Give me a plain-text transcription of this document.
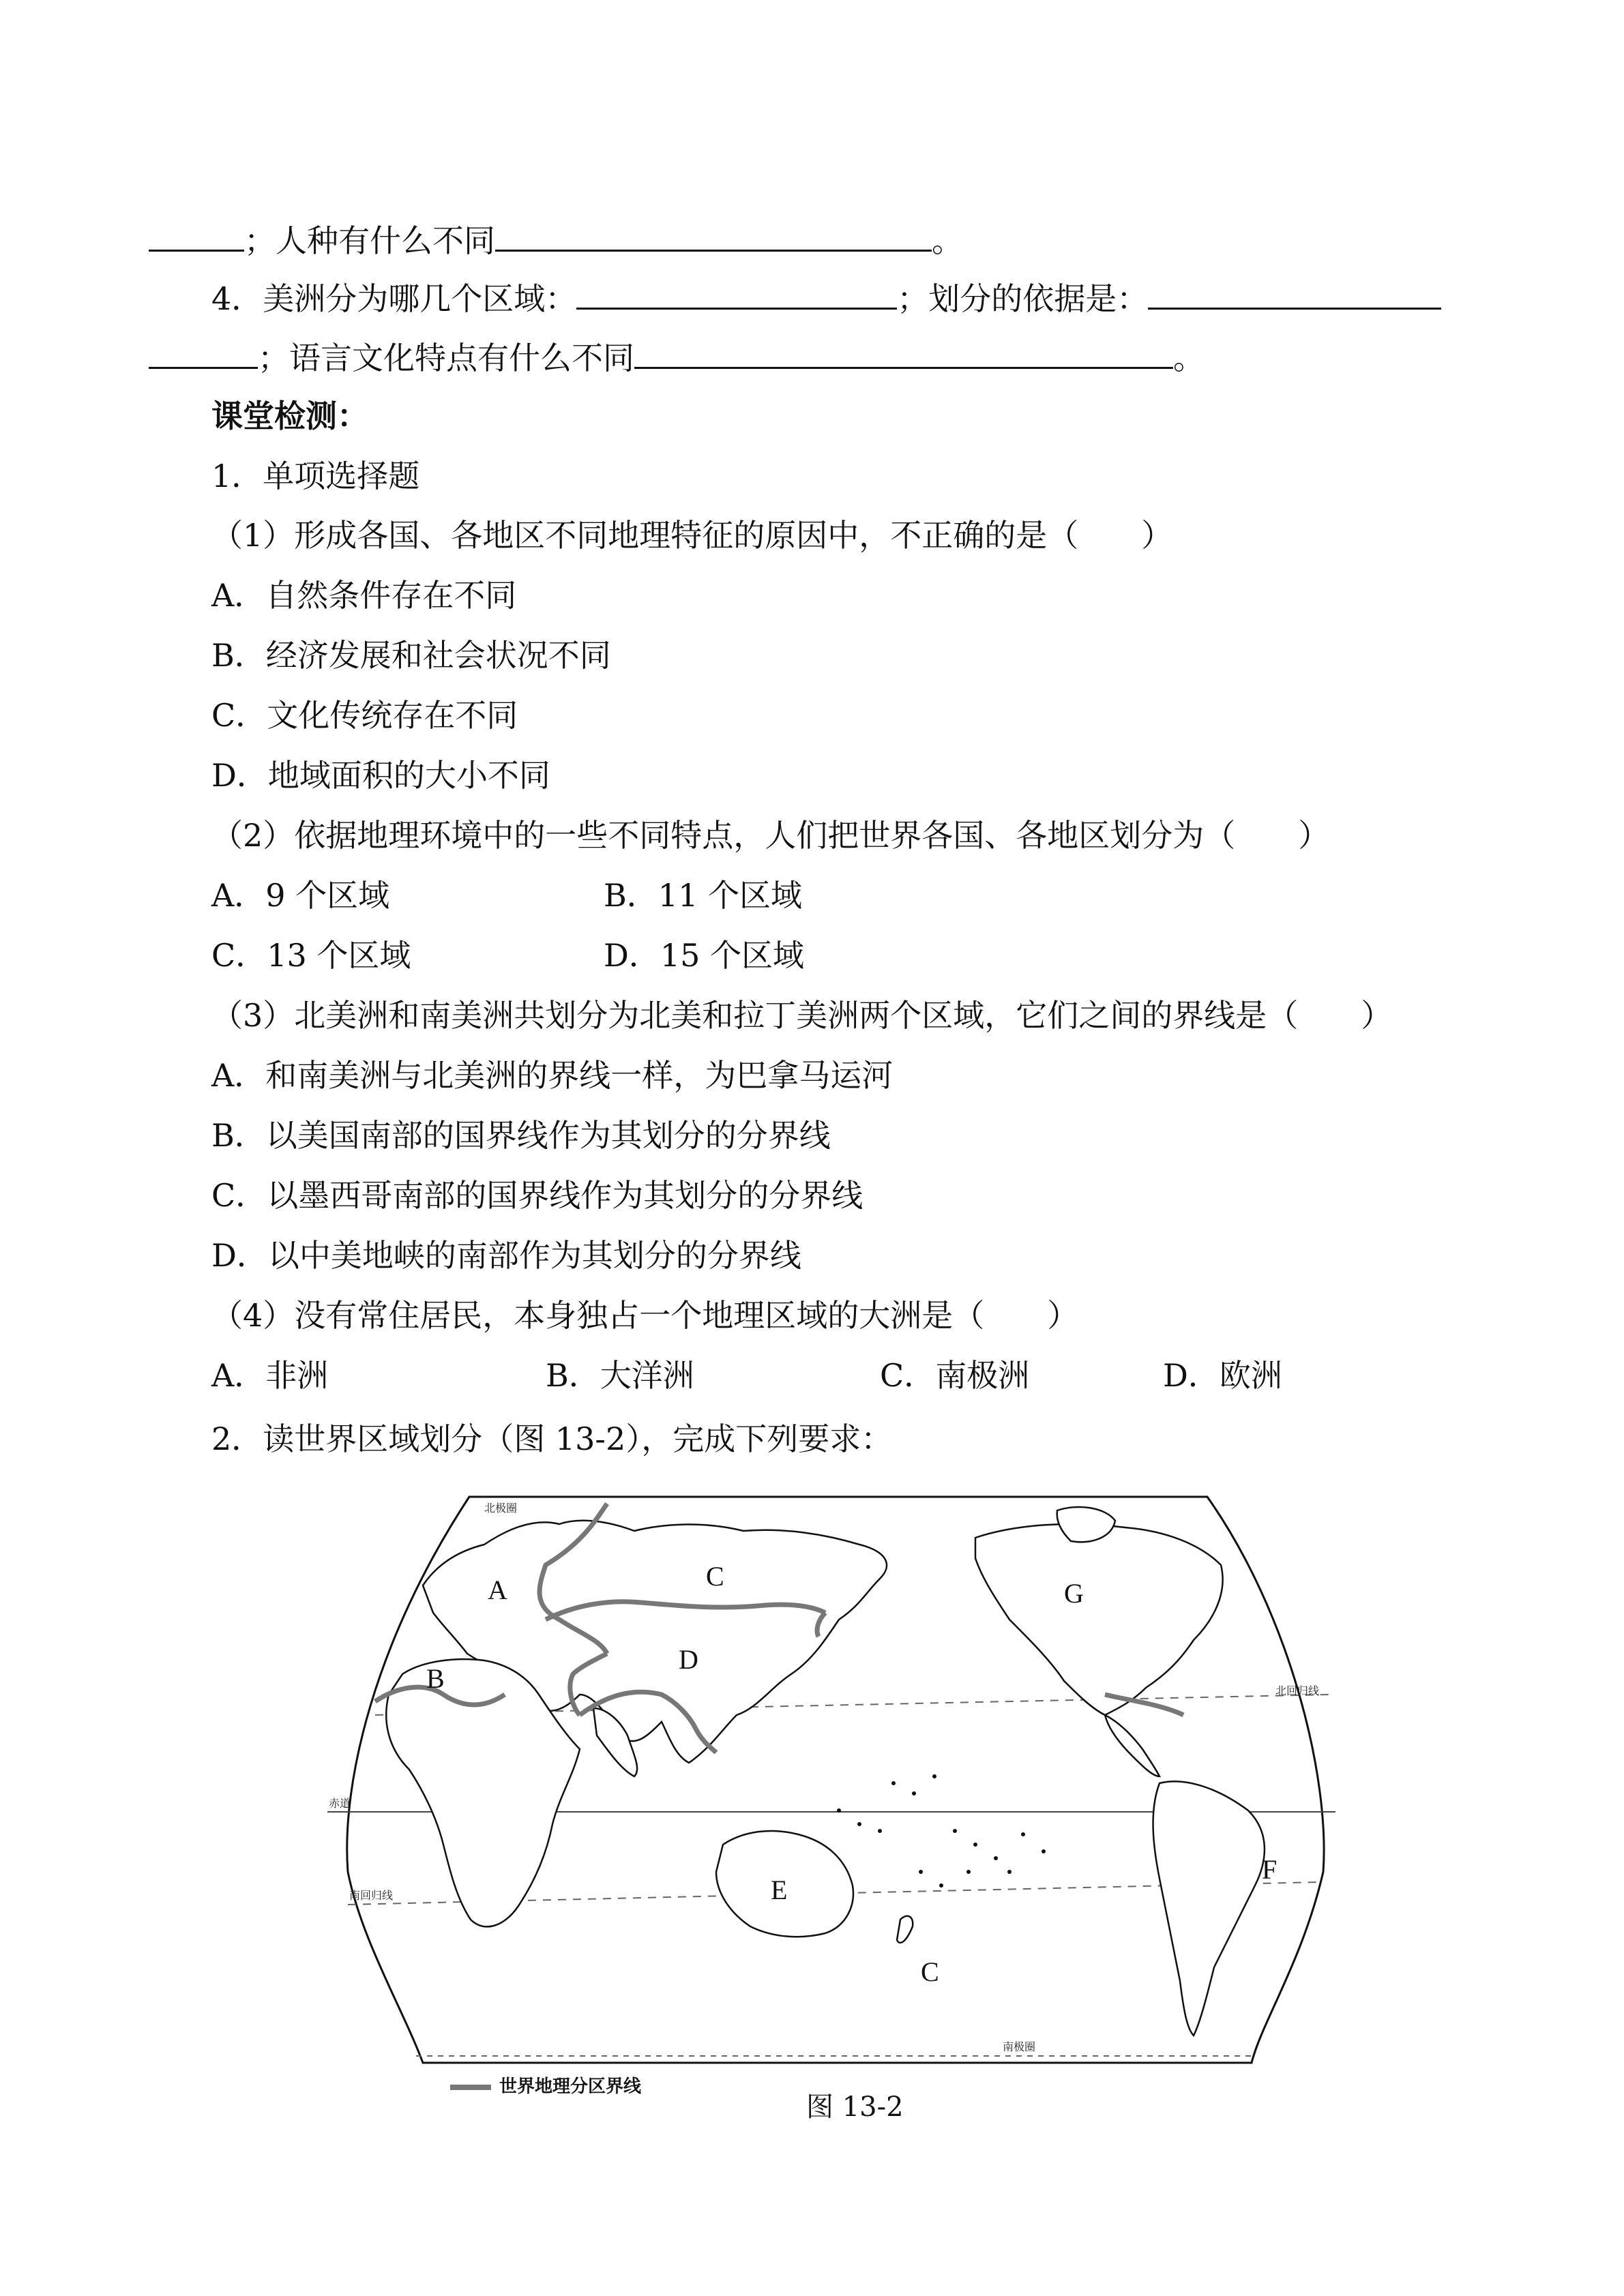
；人种有什么不同	。
4．美洲分为哪几个区域：	；划分的依据是：
；语言文化特点有什么不同	。
课堂检测：
1．单项选择题
（1）形成各国、各地区不同地理特征的原因中，不正确的是（　　）
A．自然条件存在不同
B．经济发展和社会状况不同
C．文化传统存在不同
D．地域面积的大小不同
（2）依据地理环境中的一些不同特点，人们把世界各国、各地区划分为（　　）
A．9 个区域	B．11 个区域
C．13 个区域	D．15 个区域
（3）北美洲和南美洲共划分为北美和拉丁美洲两个区域，它们之间的界线是（　　）
A．和南美洲与北美洲的界线一样，为巴拿马运河
B．以美国南部的国界线作为其划分的分界线
C．以墨西哥南部的国界线作为其划分的分界线
D．以中美地峡的南部作为其划分的分界线
（4）没有常住居民，本身独占一个地理区域的大洲是（　　）
A．非洲	B．大洋洲	C．南极洲	D．欧洲
2．读世界区域划分（图 13-2），完成下列要求：
北极圈
北回归线
赤道
南回归线
南极圈
A
B
C
D
E
C
G
F
世界地理分区界线
图 13-2
